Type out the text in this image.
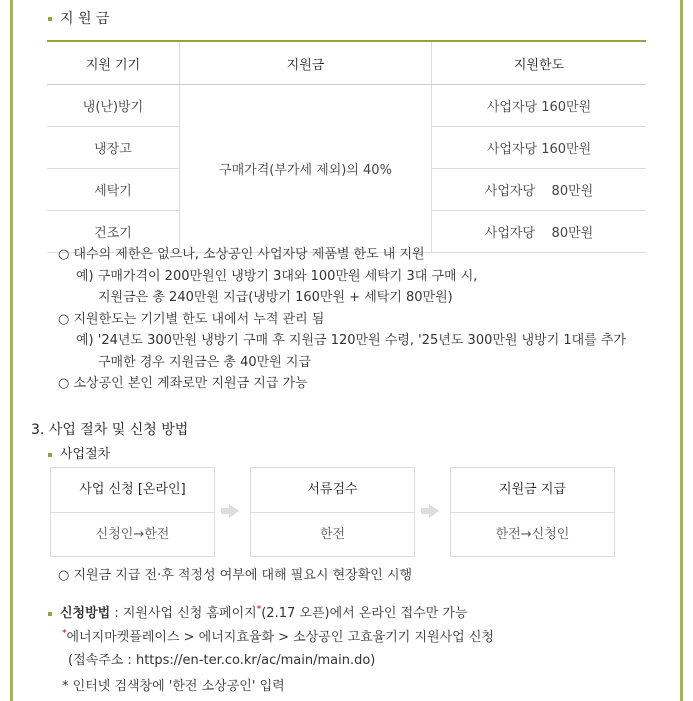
지 원 금
지원 기기	지원금	지원한도
냉(난)방기	구매가격(부가세 제외)의 40%	사업자당 160만원
냉장고		사업자당 160만원
세탁기		사업자당    80만원
건조기		사업자당    80만원
○ 대수의 제한은 없으나, 소상공인 사업자당 제품별 한도 내 지원
예) 구매가격이 200만원인 냉방기 3대와 100만원 세탁기 3대 구매 시,
지원금은 총 240만원 지급(냉방기 160만원 + 세탁기 80만원)
○ 지원한도는 기기별 한도 내에서 누적 관리 됨
예) '24년도 300만원 냉방기 구매 후 지원금 120만원 수령, '25년도 300만원 냉방기 1대를 추가
구매한 경우 지원금은 총 40만원 지급
○ 소상공인 본인 계좌로만 지원금 지급 가능
3. 사업 절차 및 신청 방법
사업절차
사업 신청 [온라인]
신청인→한전
서류검수
한전
지원금 지급
한전→신청인
○ 지원금 지급 전·후 적정성 여부에 대해 필요시 현장확인 시행
신청방법 : 지원사업 신청 홈페이지*(2.17 오픈)에서 온라인 접수만 가능
*에너지마켓플레이스 > 에너지효율화 > 소상공인 고효율기기 지원사업 신청
(접속주소 : https://en-ter.co.kr/ac/main/main.do)
* 인터넷 검색창에 '한전 소상공인' 입력
